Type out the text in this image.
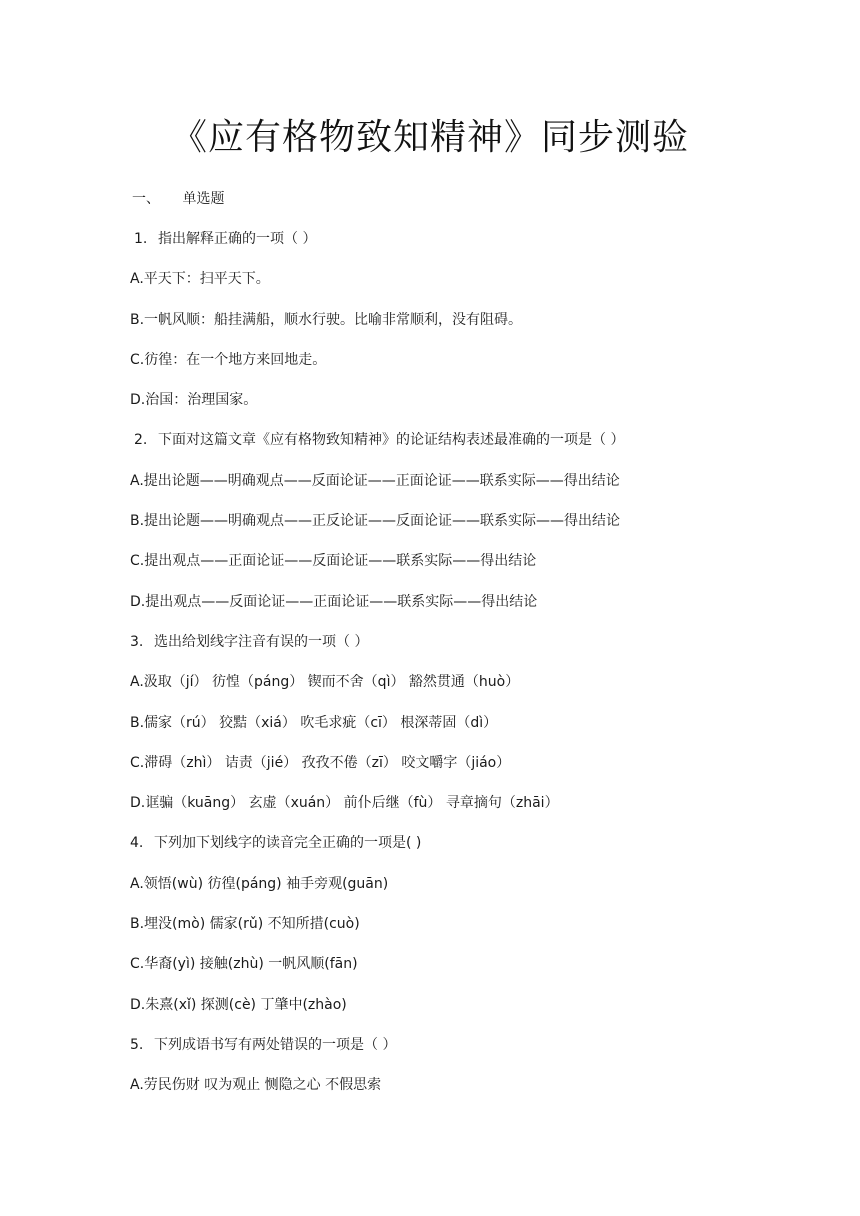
《应有格物致知精神》同步测验
一、 单选题
1. 指出解释正确的一项（ ）
A.平天下：扫平天下。
B.一帆风顺：船挂满船，顺水行驶。比喻非常顺利，没有阻碍。
C.彷徨：在一个地方来回地走。
D.治国：治理国家。
2. 下面对这篇文章《应有格物致知精神》的论证结构表述最准确的一项是（ ）
A.提出论题——明确观点——反面论证——正面论证——联系实际——得出结论
B.提出论题——明确观点——正反论证——反面论证——联系实际——得出结论
C.提出观点——正面论证——反面论证——联系实际——得出结论
D.提出观点——反面论证——正面论证——联系实际——得出结论
3. 选出给划线字注音有误的一项（ ）
A.汲取（jí） 彷惶（páng） 锲而不舍（qì） 豁然贯通（huò）
B.儒家（rú） 狡黠（xiá） 吹毛求疵（cī） 根深蒂固（dì）
C.滞碍（zhì） 诘责（jié） 孜孜不倦（zī） 咬文嚼字（jiáo）
D.诓骗（kuāng） 玄虚（xuán） 前仆后继（fù） 寻章摘句（zhāi）
4. 下列加下划线字的读音完全正确的一项是( )
A.领悟(wù) 彷徨(páng) 袖手旁观(guān)
B.埋没(mò) 儒家(rǔ) 不知所措(cuò)
C.华裔(yì) 接触(zhù) 一帆风顺(fān)
D.朱熹(xǐ) 探测(cè) 丁肇中(zhào)
5. 下列成语书写有两处错误的一项是（ ）
A.劳民伤财 叹为观止 恻隐之心 不假思索
